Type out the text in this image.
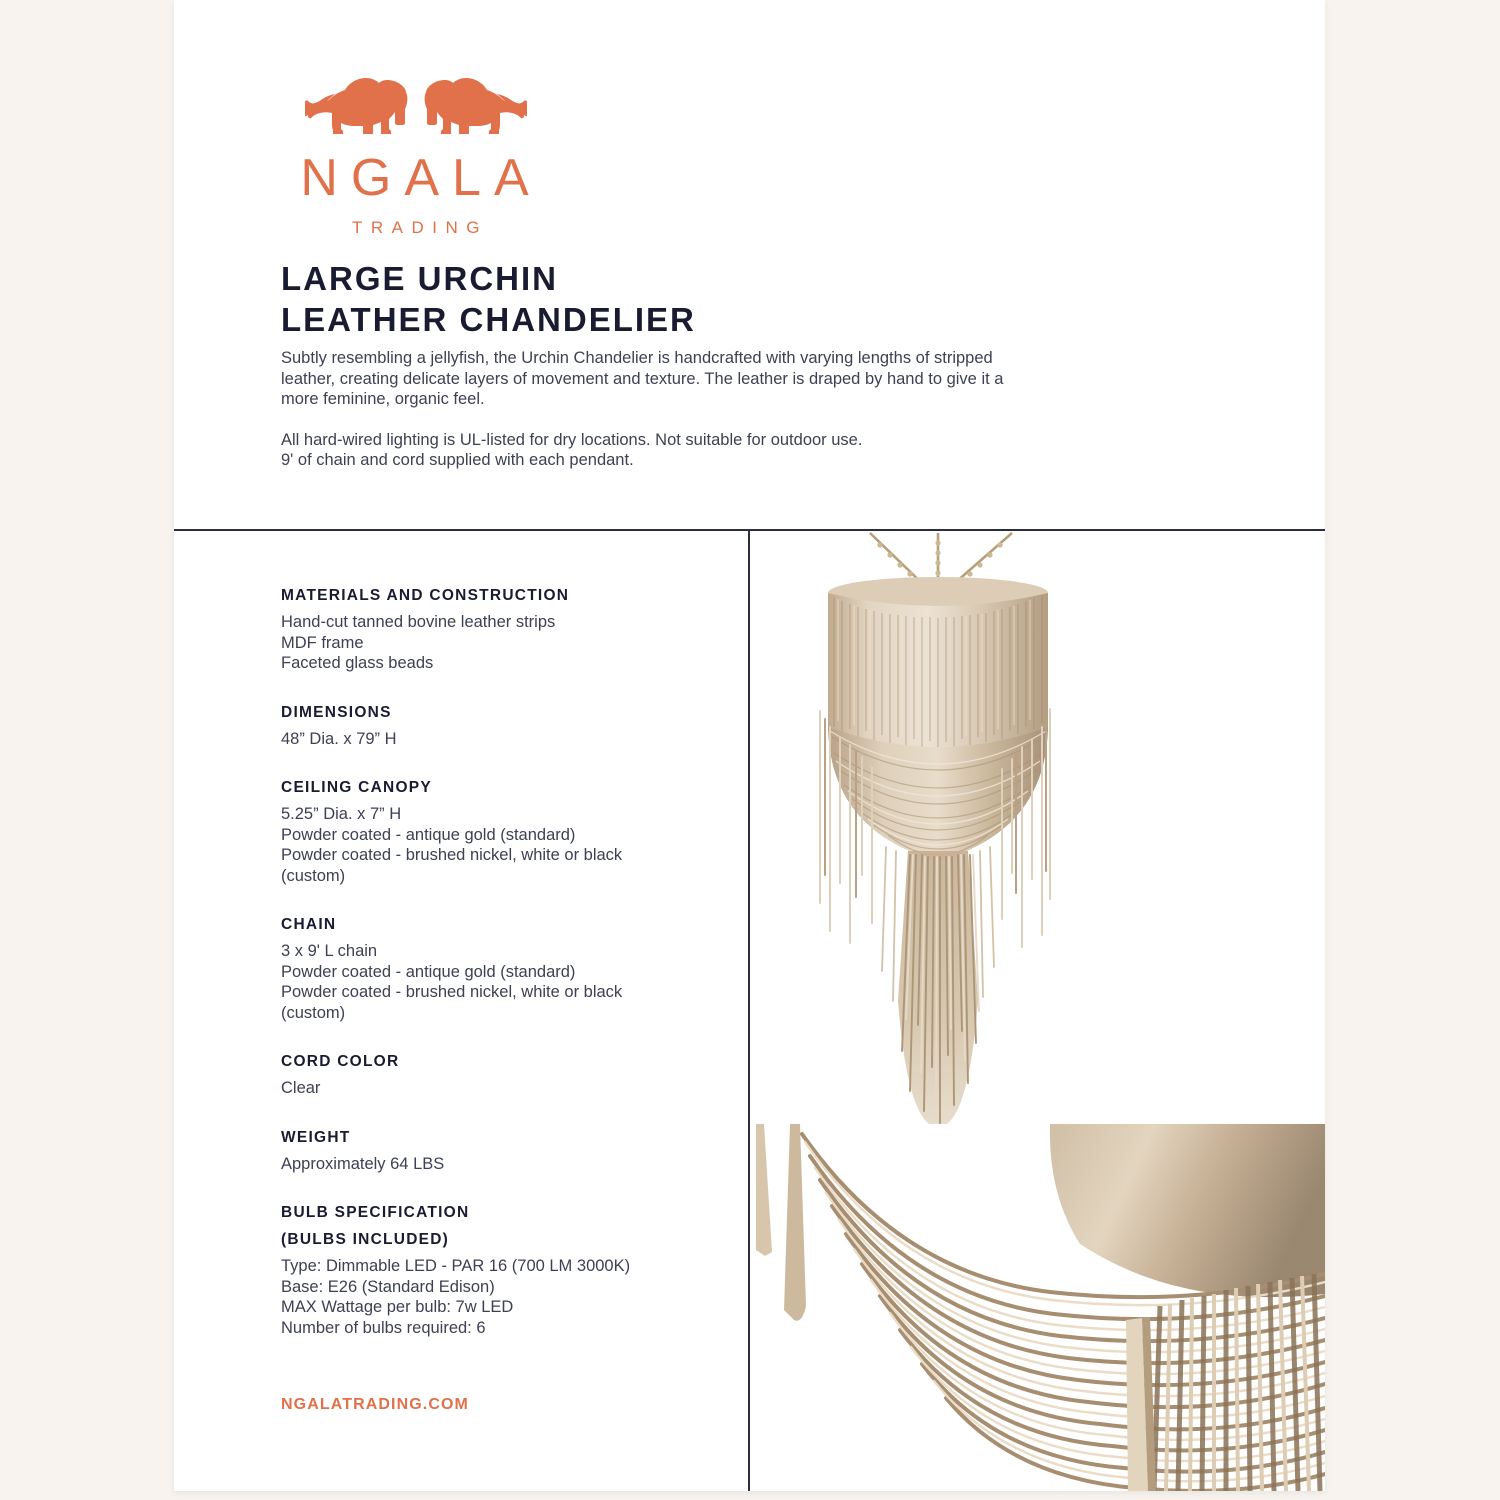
NGALA
TRADING
LARGE URCHIN
LEATHER CHANDELIER

Subtly resembling a jellyfish, the Urchin Chandelier is handcrafted with varying lengths of stripped
leather, creating delicate layers of movement and texture. The leather is draped by hand to give it a
more feminine, organic feel.

All hard-wired lighting is UL-listed for dry locations. Not suitable for outdoor use.
9' of chain and cord supplied with each pendant.

MATERIALS AND CONSTRUCTION
Hand-cut tanned bovine leather strips
MDF frame
Faceted glass beads
DIMENSIONS
48” Dia. x 79” H
CEILING CANOPY
5.25” Dia. x 7” H
Powder coated - antique gold (standard)
Powder coated - brushed nickel, white or black
(custom)
CHAIN
3 x 9' L chain
Powder coated - antique gold (standard)
Powder coated - brushed nickel, white or black
(custom)
CORD COLOR
Clear
WEIGHT
Approximately 64 LBS
BULB SPECIFICATION
(BULBS INCLUDED)
Type: Dimmable LED - PAR 16 (700 LM 3000K)
Base: E26 (Standard Edison)
MAX Wattage per bulb: 7w LED
Number of bulbs required: 6
NGALATRADING.COM
